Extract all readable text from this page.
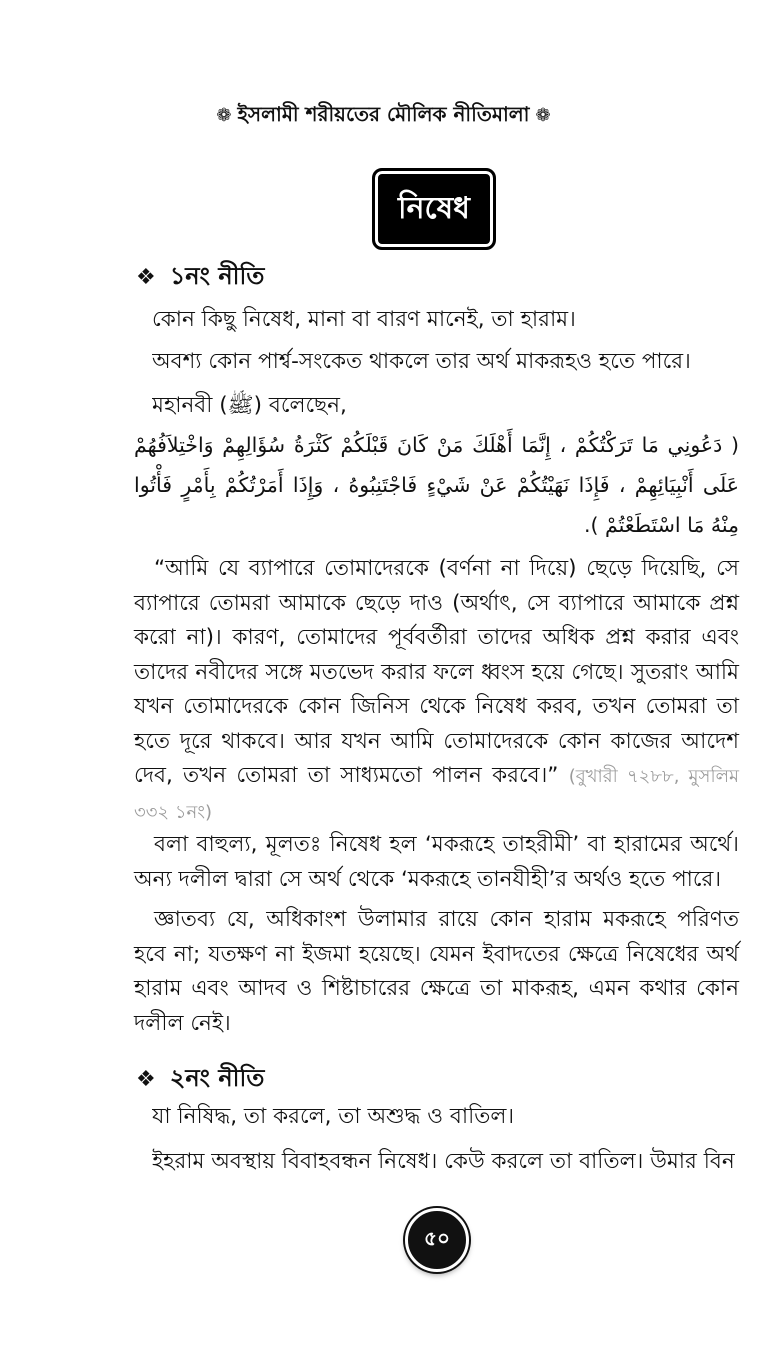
❁ ইসলামী শরীয়তের মৌলিক নীতিমালা ❁
নিষেধ
❖ ১নং নীতি
কোন কিছু নিষেধ, মানা বা বারণ মানেই, তা হারাম।
অবশ্য কোন পার্শ্ব-সংকেত থাকলে তার অর্থ মাকরূহও হতে পারে।
মহানবী (ﷺ) বলেছেন,
( دَعُونِي مَا تَرَكْتُكُمْ ، إِنَّمَا أَهْلَكَ مَنْ كَانَ قَبْلَكُمْ كَثْرَةُ سُؤَالِهِمْ وَاخْتِلاَفُهُمْ عَلَى أَنْبِيَائِهِمْ ، فَإِذَا نَهَيْتُكُمْ عَنْ شَيْءٍ فَاجْتَنِبُوهُ ، وَإِذَا أَمَرْتُكُمْ بِأَمْرٍ فَأْتُوا مِنْهُ مَا اسْتَطَعْتُمْ ).
“আমি যে ব্যাপারে তোমাদেরকে (বর্ণনা না দিয়ে) ছেড়ে দিয়েছি, সে ব্যাপারে তোমরা আমাকে ছেড়ে দাও (অর্থাৎ, সে ব্যাপারে আমাকে প্রশ্ন করো না)। কারণ, তোমাদের পূর্ববর্তীরা তাদের অধিক প্রশ্ন করার এবং তাদের নবীদের সঙ্গে মতভেদ করার ফলে ধ্বংস হয়ে গেছে। সুতরাং আমি যখন তোমাদেরকে কোন জিনিস থেকে নিষেধ করব, তখন তোমরা তা হতে দূরে থাকবে। আর যখন আমি তোমাদেরকে কোন কাজের আদেশ দেব, তখন তোমরা তা সাধ্যমতো পালন করবে।” (বুখারী ৭২৮৮, মুসলিম ৩৩২ ১নং)
বলা বাহুল্য, মূলতঃ নিষেধ হল ‘মকরূহে তাহরীমী’ বা হারামের অর্থে। অন্য দলীল দ্বারা সে অর্থ থেকে ‘মকরূহে তানযীহী’র অর্থও হতে পারে।
জ্ঞাতব্য যে, অধিকাংশ উলামার রায়ে কোন হারাম মকরূহে পরিণত হবে না; যতক্ষণ না ইজমা হয়েছে। যেমন ইবাদতের ক্ষেত্রে নিষেধের অর্থ হারাম এবং আদব ও শিষ্টাচারের ক্ষেত্রে তা মাকরূহ, এমন কথার কোন দলীল নেই।
❖ ২নং নীতি
যা নিষিদ্ধ, তা করলে, তা অশুদ্ধ ও বাতিল।
ইহরাম অবস্থায় বিবাহবন্ধন নিষেধ। কেউ করলে তা বাতিল। উমার বিন
৫০
